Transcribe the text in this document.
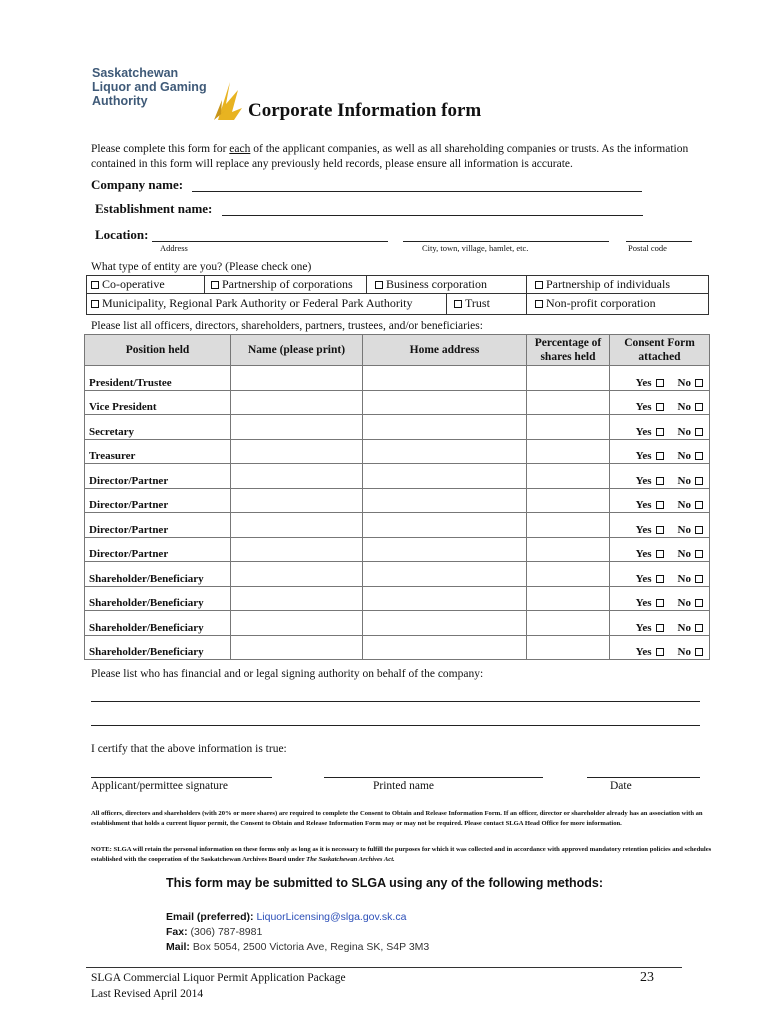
Saskatchewan
Liquor and Gaming
Authority	Corporate Information form
Please complete this form for each of the applicant companies, as well as all shareholding companies or trusts. As the information contained in this form will replace any previously held records, please ensure all information is accurate.
Company name:
Establishment name:
Location:
Address	City, town, village, hamlet, etc.	Postal code
What type of entity are you? (Please check one)
Co-operative	Partnership of corporations	Business corporation	Partnership of individuals
Municipality, Regional Park Authority or Federal Park Authority	Trust	Non-profit corporation
Please list all officers, directors, shareholders, partners, trustees, and/or beneficiaries:
Position held	Name (please print)	Home address	Percentage of shares held	Consent Form attached
President/Trustee				Yes No

Vice President				Yes No

Secretary				Yes No

Treasurer				Yes No

Director/Partner				Yes No

Director/Partner				Yes No

Director/Partner				Yes No

Director/Partner				Yes No

Shareholder/Beneficiary				Yes No

Shareholder/Beneficiary				Yes No

Shareholder/Beneficiary				Yes No

Shareholder/Beneficiary				Yes No
Please list who has financial and or legal signing authority on behalf of the company:
I certify that the above information is true:
Applicant/permittee signature	Printed name	Date
All officers, directors and shareholders (with 20% or more shares) are required to complete the Consent to Obtain and Release Information Form. If an officer, director or shareholder already has an association with an establishment that holds a current liquor permit, the Consent to Obtain and Release Information Form may or may not be required. Please contact SLGA Head Office for more information.
NOTE: SLGA will retain the personal information on these forms only as long as it is necessary to fulfill the purposes for which it was collected and in accordance with approved mandatory retention policies and schedules established with the cooperation of the Saskatchewan Archives Board under The Saskatchewan Archives Act.
This form may be submitted to SLGA using any of the following methods:
Email (preferred): LiquorLicensing@slga.gov.sk.ca
Fax: (306) 787-8981
Mail: Box 5054, 2500 Victoria Ave, Regina SK, S4P 3M3
SLGA Commercial Liquor Permit Application Package
Last Revised April 2014
23
